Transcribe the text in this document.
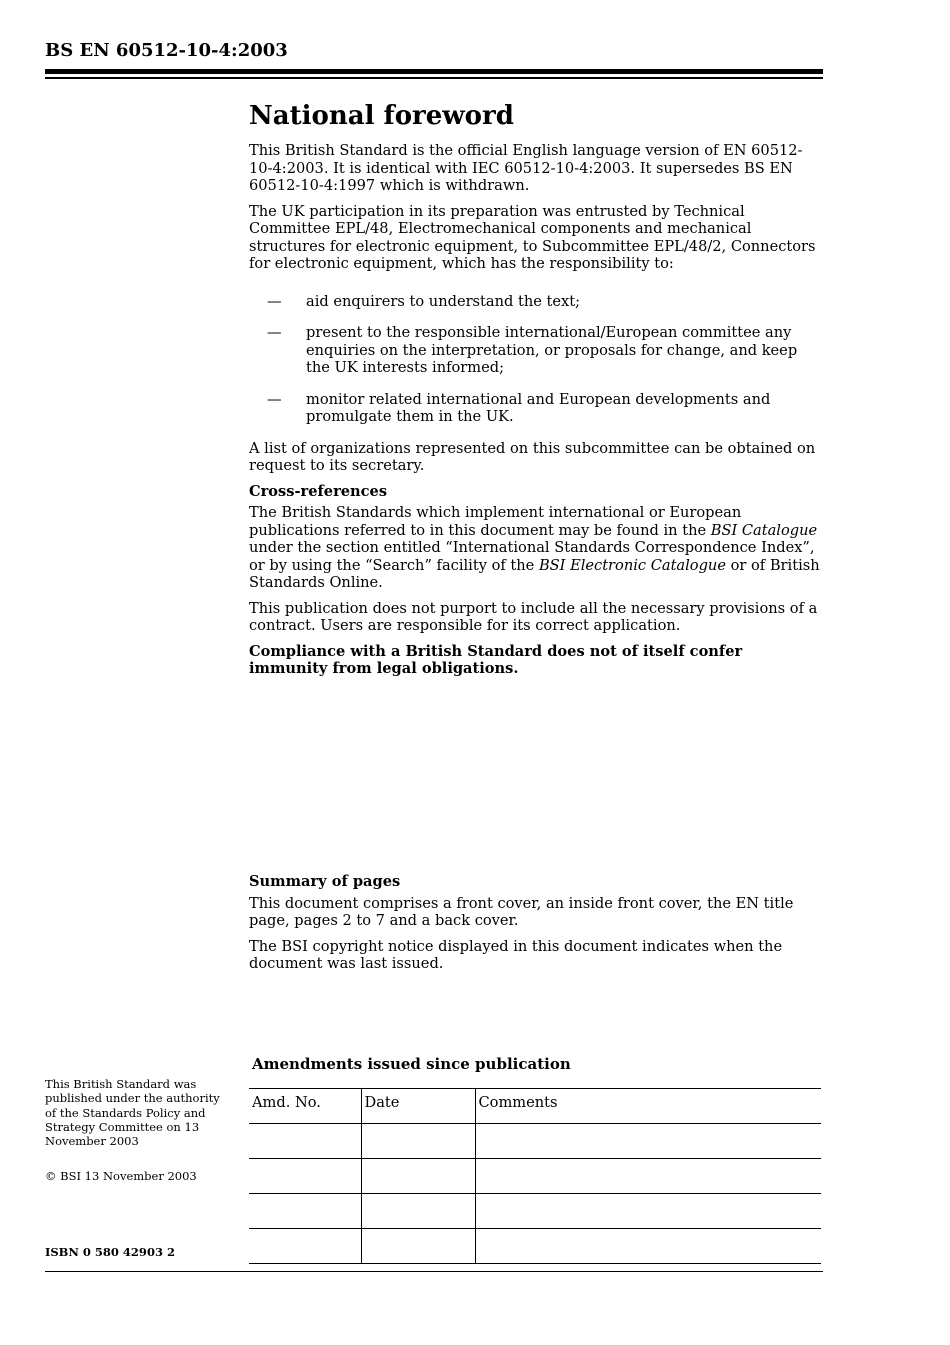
BS EN 60512-10-4:2003

National foreword

This British Standard is the official English language version of EN 60512-10-4:2003. It is identical with IEC 60512-10-4:2003. It supersedes BS EN 60512-10-4:1997 which is withdrawn.

The UK participation in its preparation was entrusted by Technical Committee EPL/48, Electromechanical components and mechanical structures for electronic equipment, to Subcommittee EPL/48/2, Connectors for electronic equipment, which has the responsibility to:

— aid enquirers to understand the text;
— present to the responsible international/European committee any enquiries on the interpretation, or proposals for change, and keep the UK interests informed;
— monitor related international and European developments and promulgate them in the UK.

A list of organizations represented on this subcommittee can be obtained on request to its secretary.

Cross-references

The British Standards which implement international or European publications referred to in this document may be found in the BSI Catalogue under the section entitled “International Standards Correspondence Index”, or by using the “Search” facility of the BSI Electronic Catalogue or of British Standards Online.

This publication does not purport to include all the necessary provisions of a contract. Users are responsible for its correct application.

Compliance with a British Standard does not of itself confer immunity from legal obligations.

Summary of pages

This document comprises a front cover, an inside front cover, the EN title page, pages 2 to 7 and a back cover.

The BSI copyright notice displayed in this document indicates when the document was last issued.

This British Standard was published under the authority of the Standards Policy and Strategy Committee on 13 November 2003

© BSI 13 November 2003

ISBN 0 580 42903 2

Amendments issued since publication

Amd. No.	Date	Comments
